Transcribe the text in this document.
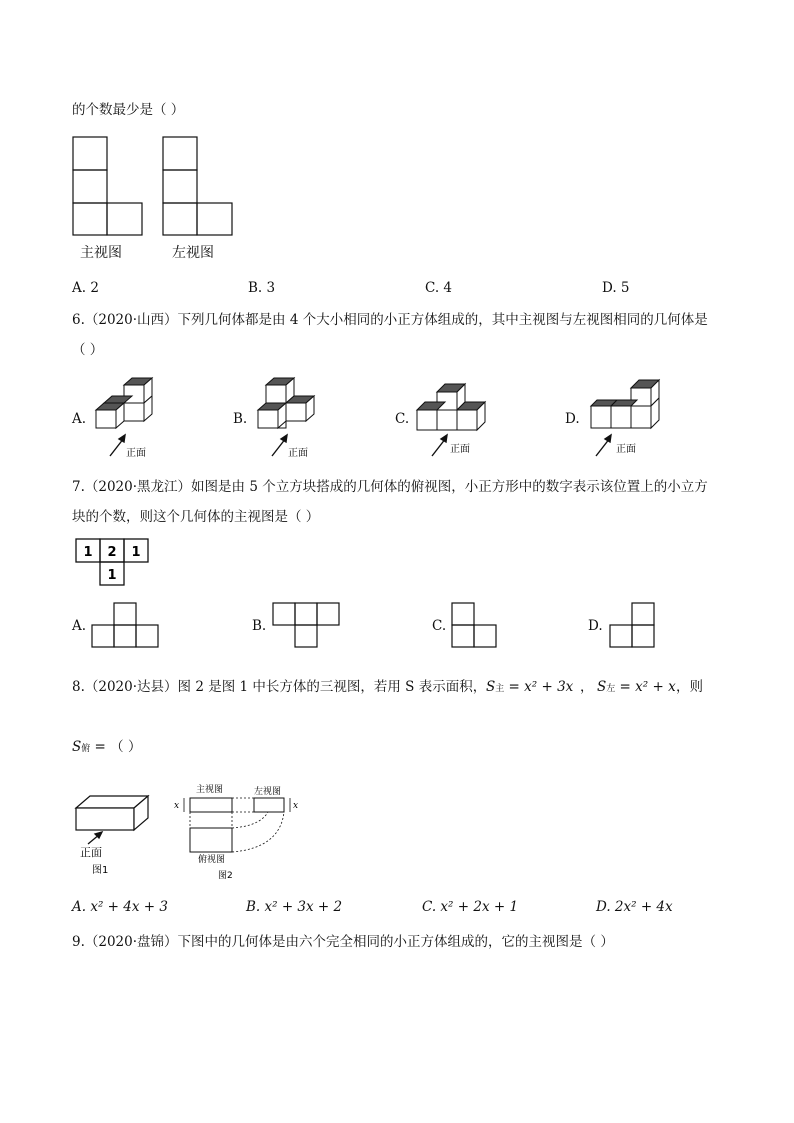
的个数最少是（ ）
主视图	左视图
A. 2	B. 3	C. 4	D. 5
6.（2020·山西）下列几何体都是由 4 个大小相同的小正方体组成的，其中主视图与左视图相同的几何体是
（ ）
A.	B.	C.	D.
正面	正面	正面	正面
7.（2020·黑龙江）如图是由 5 个立方块搭成的几何体的俯视图，小正方形中的数字表示该位置上的小立方
块的个数，则这个几何体的主视图是（ ）
1 2 1
1
A.	B.	C.	D.
8.（2020·达县）图 2 是图 1 中长方体的三视图，若用 S 表示面积， S主 = x² + 3x ， S左 = x² + x ，则
S俯 = （ ）
正面
图1
主视图	左视图
俯视图
图2
x	x
A. x² + 4x + 3	B. x² + 3x + 2	C. x² + 2x + 1	D. 2x² + 4x
9.（2020·盘锦）下图中的几何体是由六个完全相同的小正方体组成的，它的主视图是（ ）
